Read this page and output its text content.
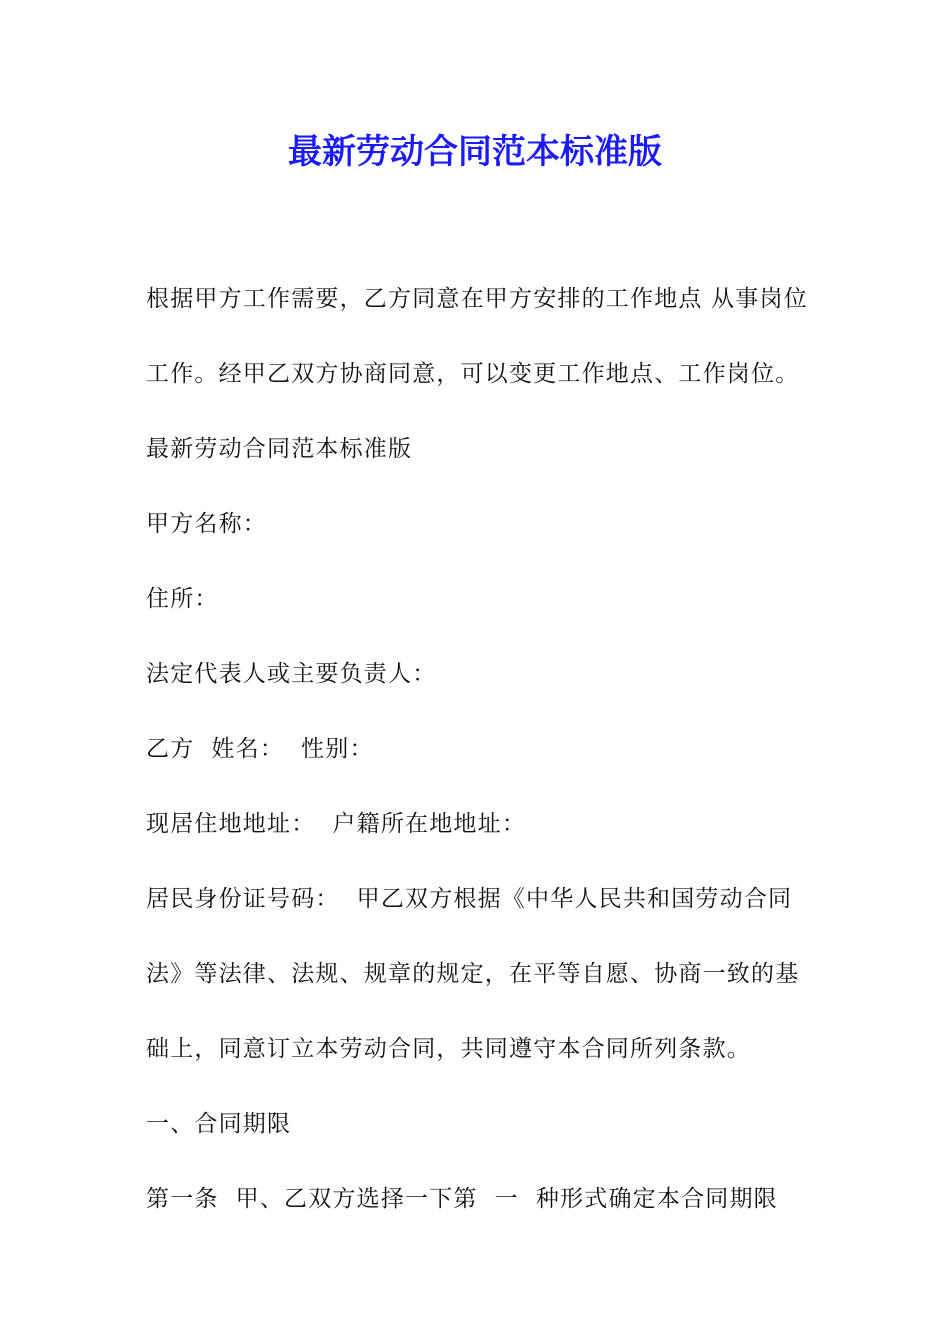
最新劳动合同范本标准版

根据甲方工作需要，乙方同意在甲方安排的工作地点 从事岗位

工作。经甲乙双方协商同意，可以变更工作地点、工作岗位。

最新劳动合同范本标准版

甲方名称：

住所：

法定代表人或主要负责人：

乙方  姓名：  性别：

现居住地地址：  户籍所在地地址：

居民身份证号码：  甲乙双方根据《中华人民共和国劳动合同

法》等法律、法规、规章的规定，在平等自愿、协商一致的基

础上，同意订立本劳动合同，共同遵守本合同所列条款。

一、合同期限

第一条  甲、乙双方选择一下第  一  种形式确定本合同期限
